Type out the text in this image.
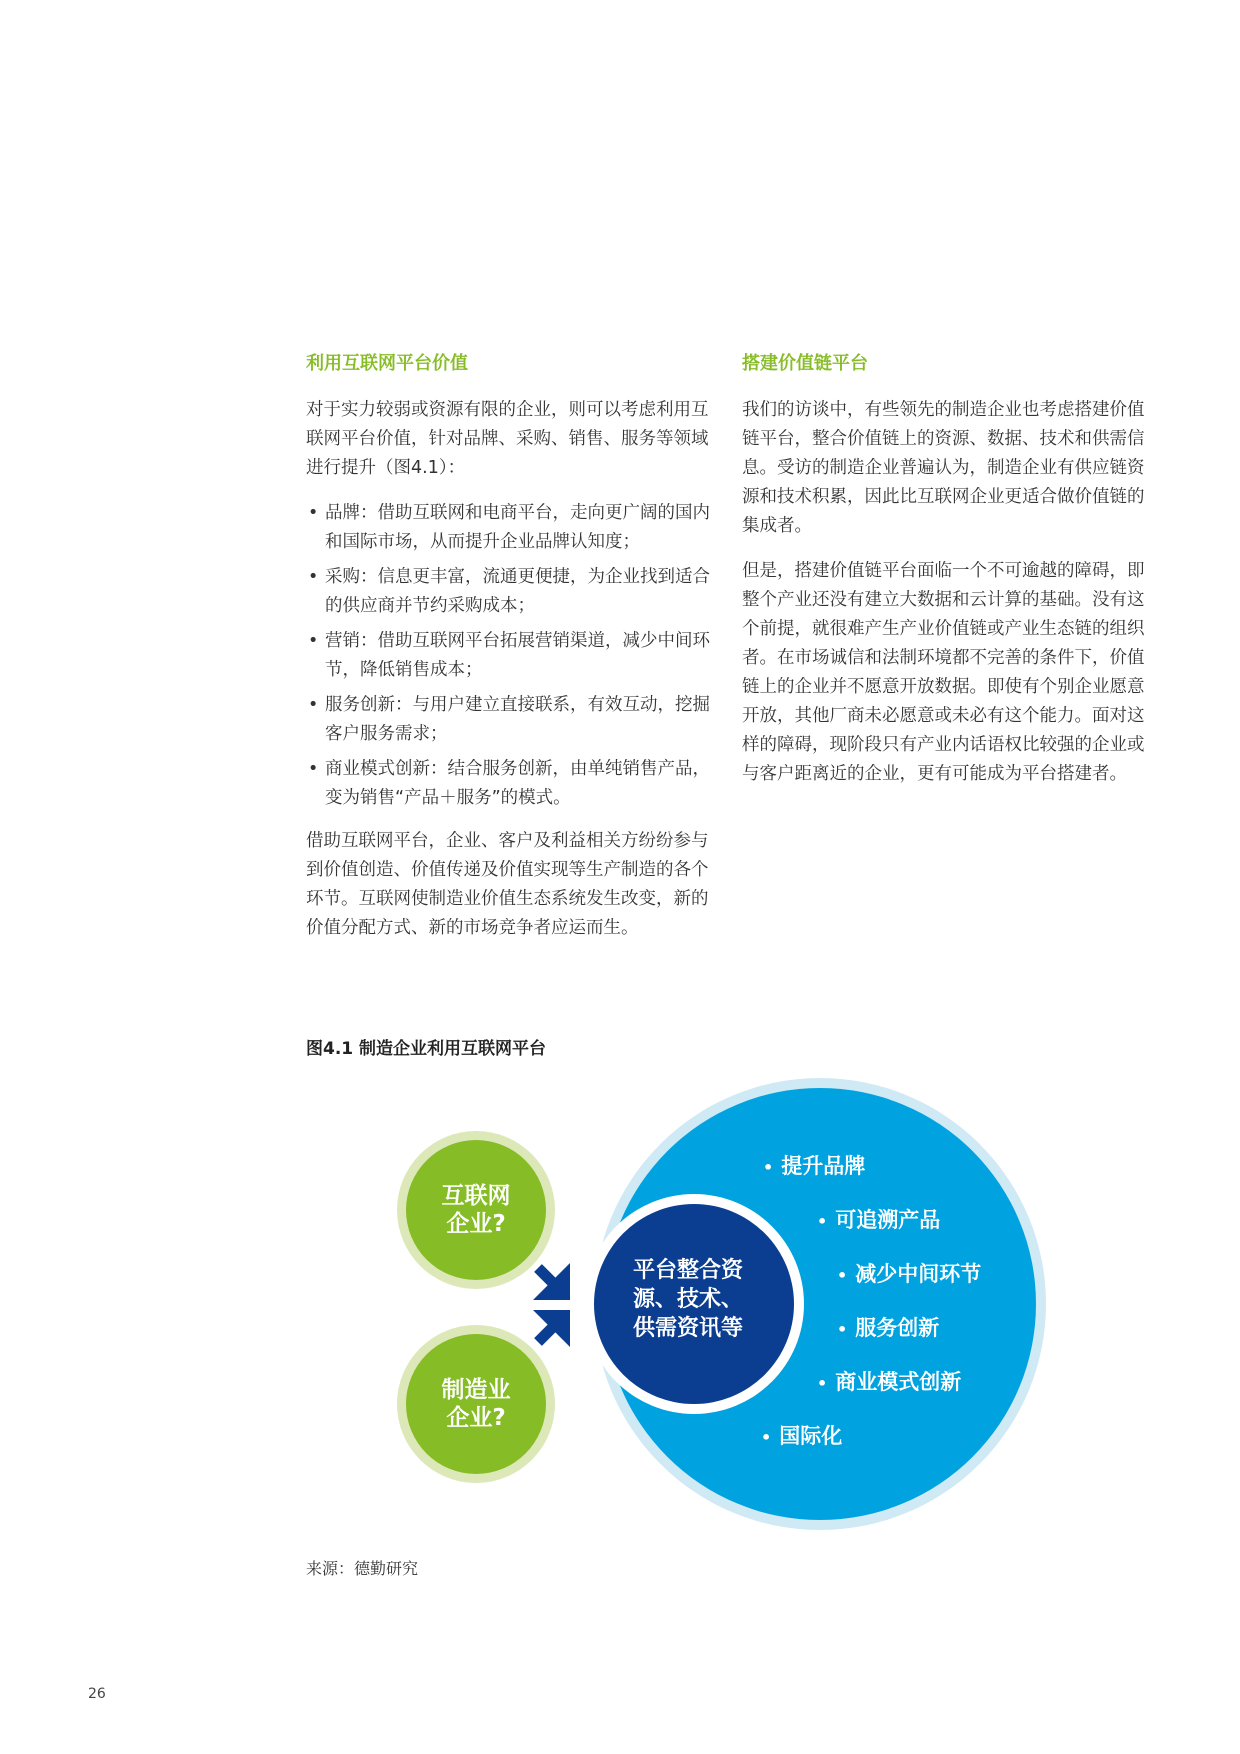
利用互联网平台价值

对于实力较弱或资源有限的企业，则可以考虑利用互联网平台价值，针对品牌、采购、销售、服务等领域进行提升（图4.1）：

• 品牌：借助互联网和电商平台，走向更广阔的国内和国际市场，从而提升企业品牌认知度；
• 采购：信息更丰富，流通更便捷，为企业找到适合的供应商并节约采购成本；
• 营销：借助互联网平台拓展营销渠道，减少中间环节，降低销售成本；
• 服务创新：与用户建立直接联系，有效互动，挖掘客户服务需求；
• 商业模式创新：结合服务创新，由单纯销售产品，变为销售“产品＋服务”的模式。

借助互联网平台，企业、客户及利益相关方纷纷参与到价值创造、价值传递及价值实现等生产制造的各个环节。互联网使制造业价值生态系统发生改变，新的价值分配方式、新的市场竞争者应运而生。

搭建价值链平台

我们的访谈中，有些领先的制造企业也考虑搭建价值链平台，整合价值链上的资源、数据、技术和供需信息。受访的制造企业普遍认为，制造企业有供应链资源和技术积累，因此比互联网企业更适合做价值链的集成者。

但是，搭建价值链平台面临一个不可逾越的障碍，即整个产业还没有建立大数据和云计算的基础。没有这个前提，就很难产生产业价值链或产业生态链的组织者。在市场诚信和法制环境都不完善的条件下，价值链上的企业并不愿意开放数据。即使有个别企业愿意开放，其他厂商未必愿意或未必有这个能力。面对这样的障碍，现阶段只有产业内话语权比较强的企业或与客户距离近的企业，更有可能成为平台搭建者。

图4.1 制造企业利用互联网平台
互联网
企业?
制造业
企业?
平台整合资
源、技术、
供需资讯等
• 提升品牌
• 可追溯产品
• 减少中间环节
• 服务创新
• 商业模式创新
• 国际化
来源：德勤研究
26
